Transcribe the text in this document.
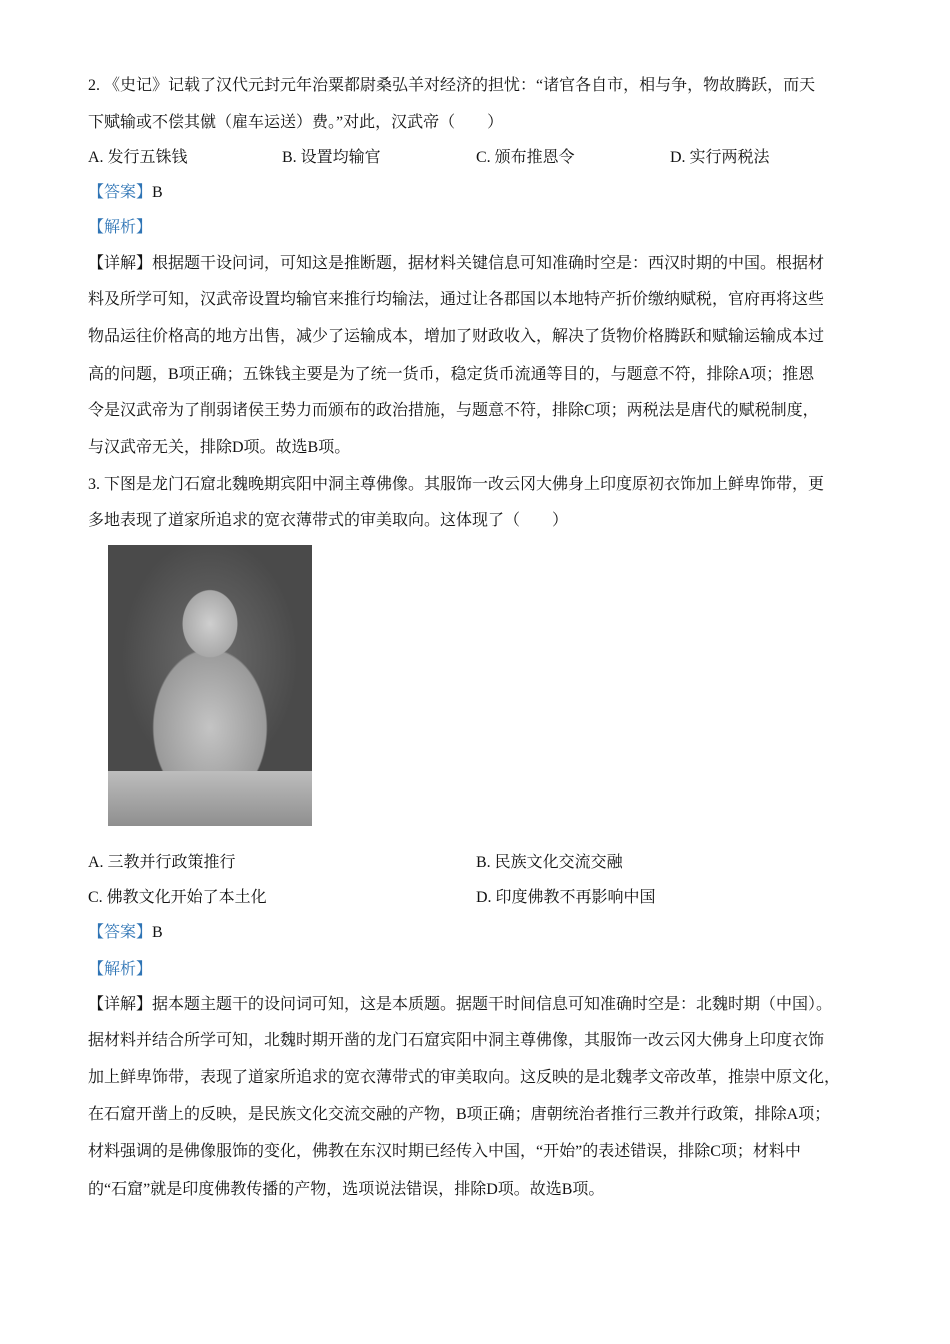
2. 《史记》记载了汉代元封元年治粟都尉桑弘羊对经济的担忧：“诸官各自市，相与争，物故腾跃，而天
下赋输或不偿其僦（雇车运送）费。”对此，汉武帝（　　）
A. 发行五铢钱	B. 设置均输官	C. 颁布推恩令	D. 实行两税法
【答案】B
【解析】
【详解】根据题干设问词，可知这是推断题，据材料关键信息可知准确时空是：西汉时期的中国。根据材
料及所学可知，汉武帝设置均输官来推行均输法，通过让各郡国以本地特产折价缴纳赋税，官府再将这些
物品运往价格高的地方出售，减少了运输成本，增加了财政收入，解决了货物价格腾跃和赋输运输成本过
高的问题，B项正确；五铢钱主要是为了统一货币，稳定货币流通等目的，与题意不符，排除A项；推恩
令是汉武帝为了削弱诸侯王势力而颁布的政治措施，与题意不符，排除C项；两税法是唐代的赋税制度，
与汉武帝无关，排除D项。故选B项。
3. 下图是龙门石窟北魏晚期宾阳中洞主尊佛像。其服饰一改云冈大佛身上印度原初衣饰加上鲜卑饰带，更
多地表现了道家所追求的宽衣薄带式的审美取向。这体现了（　　）
A. 三教并行政策推行	B. 民族文化交流交融
C. 佛教文化开始了本土化	D. 印度佛教不再影响中国
【答案】B
【解析】
【详解】据本题主题干的设问词可知，这是本质题。据题干时间信息可知准确时空是：北魏时期（中国）。
据材料并结合所学可知，北魏时期开凿的龙门石窟宾阳中洞主尊佛像，其服饰一改云冈大佛身上印度衣饰
加上鲜卑饰带，表现了道家所追求的宽衣薄带式的审美取向。这反映的是北魏孝文帝改革，推崇中原文化，
在石窟开凿上的反映，是民族文化交流交融的产物，B项正确；唐朝统治者推行三教并行政策，排除A项；
材料强调的是佛像服饰的变化，佛教在东汉时期已经传入中国，“开始”的表述错误，排除C项；材料中
的“石窟”就是印度佛教传播的产物，选项说法错误，排除D项。故选B项。
